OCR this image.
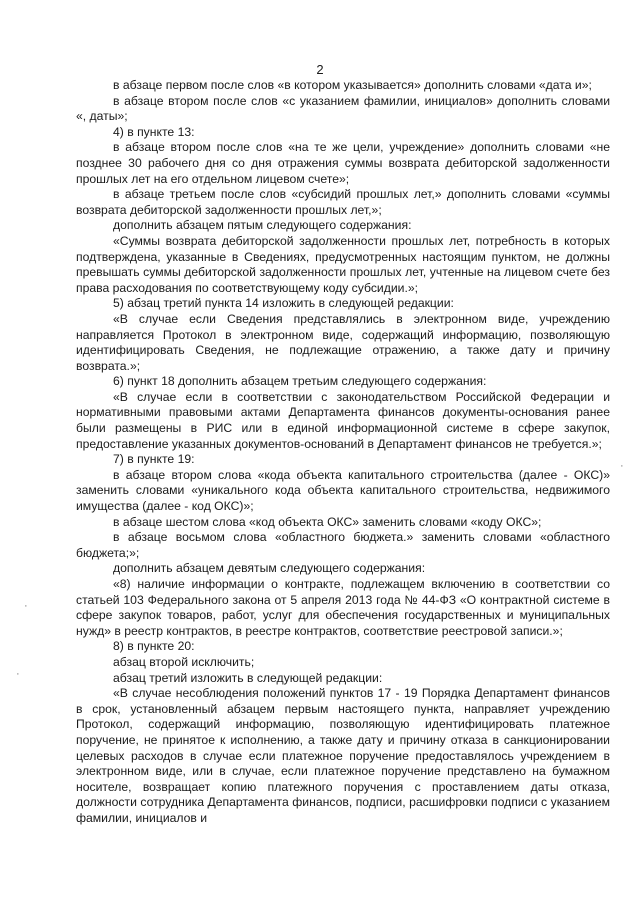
2

в абзаце первом после слов «в котором указывается» дополнить словами «дата и»;

в абзаце втором после слов «с указанием фамилии, инициалов» дополнить словами «, даты»;

4) в пункте 13:

в абзаце втором после слов «на те же цели, учреждение» дополнить словами «не позднее 30 рабочего дня со дня отражения суммы возврата дебиторской задолженности прошлых лет на его отдельном лицевом счете»;

в абзаце третьем после слов «субсидий прошлых лет,» дополнить словами «суммы возврата дебиторской задолженности прошлых лет,»;

дополнить абзацем пятым следующего содержания:

«Суммы возврата дебиторской задолженности прошлых лет, потребность в которых подтверждена, указанные в Сведениях, предусмотренных настоящим пунктом, не должны превышать суммы дебиторской задолженности прошлых лет, учтенные на лицевом счете без права расходования по соответствующему коду субсидии.»;

5) абзац третий пункта 14 изложить в следующей редакции:

«В случае если Сведения представлялись в электронном виде, учреждению направляется Протокол в электронном виде, содержащий информацию, позволяющую идентифицировать Сведения, не подлежащие отражению, а также дату и причину возврата.»;

6) пункт 18 дополнить абзацем третьим следующего содержания:

«В случае если в соответствии с законодательством Российской Федерации и нормативными правовыми актами Департамента финансов документы-основания ранее были размещены в РИС или в единой информационной системе в сфере закупок, предоставление указанных документов-оснований в Департамент финансов не требуется.»;

7) в пункте 19:

в абзаце втором слова «кода объекта капитального строительства (далее - ОКС)» заменить словами «уникального кода объекта капитального строительства, недвижимого имущества (далее - код ОКС)»;

в абзаце шестом слова «код объекта ОКС» заменить словами «коду ОКС»;

в абзаце восьмом слова «областного бюджета.» заменить словами «областного бюджета;»;

дополнить абзацем девятым следующего содержания:

«8) наличие информации о контракте, подлежащем включению в соответствии со статьей 103 Федерального закона от 5 апреля 2013 года № 44-ФЗ «О контрактной системе в сфере закупок товаров, работ, услуг для обеспечения государственных и муниципальных нужд» в реестр контрактов, в реестре контрактов, соответствие реестровой записи.»;

8) в пункте 20:

абзац второй исключить;

абзац третий изложить в следующей редакции:

«В случае несоблюдения положений пунктов 17 - 19 Порядка Департамент финансов в срок, установленный абзацем первым настоящего пункта, направляет учреждению Протокол, содержащий информацию, позволяющую идентифицировать платежное поручение, не принятое к исполнению, а также дату и причину отказа в санкционировании целевых расходов в случае если платежное поручение предоставлялось учреждением в электронном виде, или в случае, если платежное поручение представлено на бумажном носителе, возвращает копию платежного поручения с проставлением даты отказа, должности сотрудника Департамента финансов, подписи, расшифровки подписи с указанием фамилии, инициалов и

·
·
·
